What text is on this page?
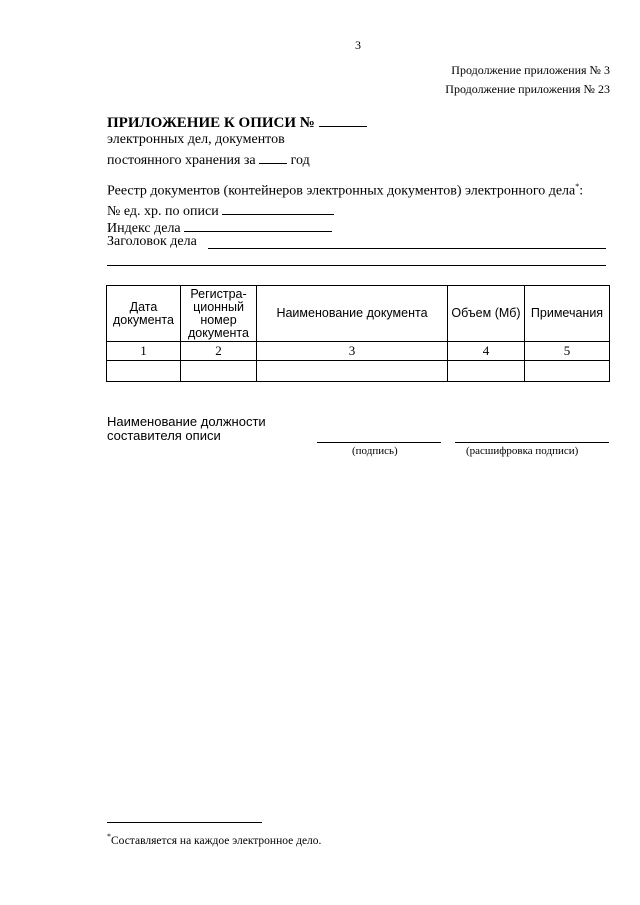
3
Продолжение приложения № 3
Продолжение приложения № 23
ПРИЛОЖЕНИЕ К ОПИСИ №
электронных дел, документов
постоянного хранения за	год
Реестр документов (контейнеров электронных документов) электронного дела*:
№ ед. хр. по описи
Индекс дела
Заголовок дела
Дата документа	Регистра-ционный номер документа	Наименование документа	Объем (Мб)	Примечания
1	2	3	4	5

Наименование должности
составителя описи
(подпись)	(расшифровка подписи)
*Составляется на каждое электронное дело.
